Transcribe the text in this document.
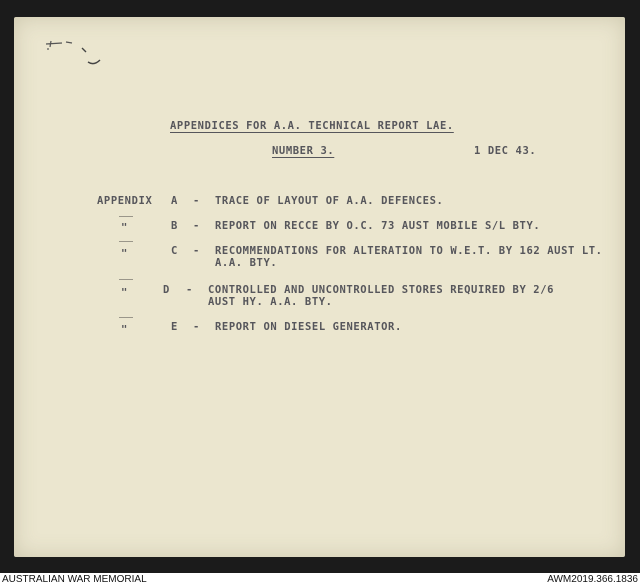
APPENDICES FOR A.A. TECHNICAL REPORT LAE.
NUMBER 3.	1 DEC 43.
APPENDIX A - TRACE OF LAYOUT OF A.A. DEFENCES.
"	B - REPORT ON RECCE BY O.C. 73 AUST MOBILE S/L BTY.
"	C - RECOMMENDATIONS FOR ALTERATION TO W.E.T. BY 162 AUST LT. A.A. BTY.
"	D - CONTROLLED AND UNCONTROLLED STORES REQUIRED BY 2/6 AUST HY. A.A. BTY.
"	E - REPORT ON DIESEL GENERATOR.
AUSTRALIAN WAR MEMORIAL	AWM2019.366.1836
